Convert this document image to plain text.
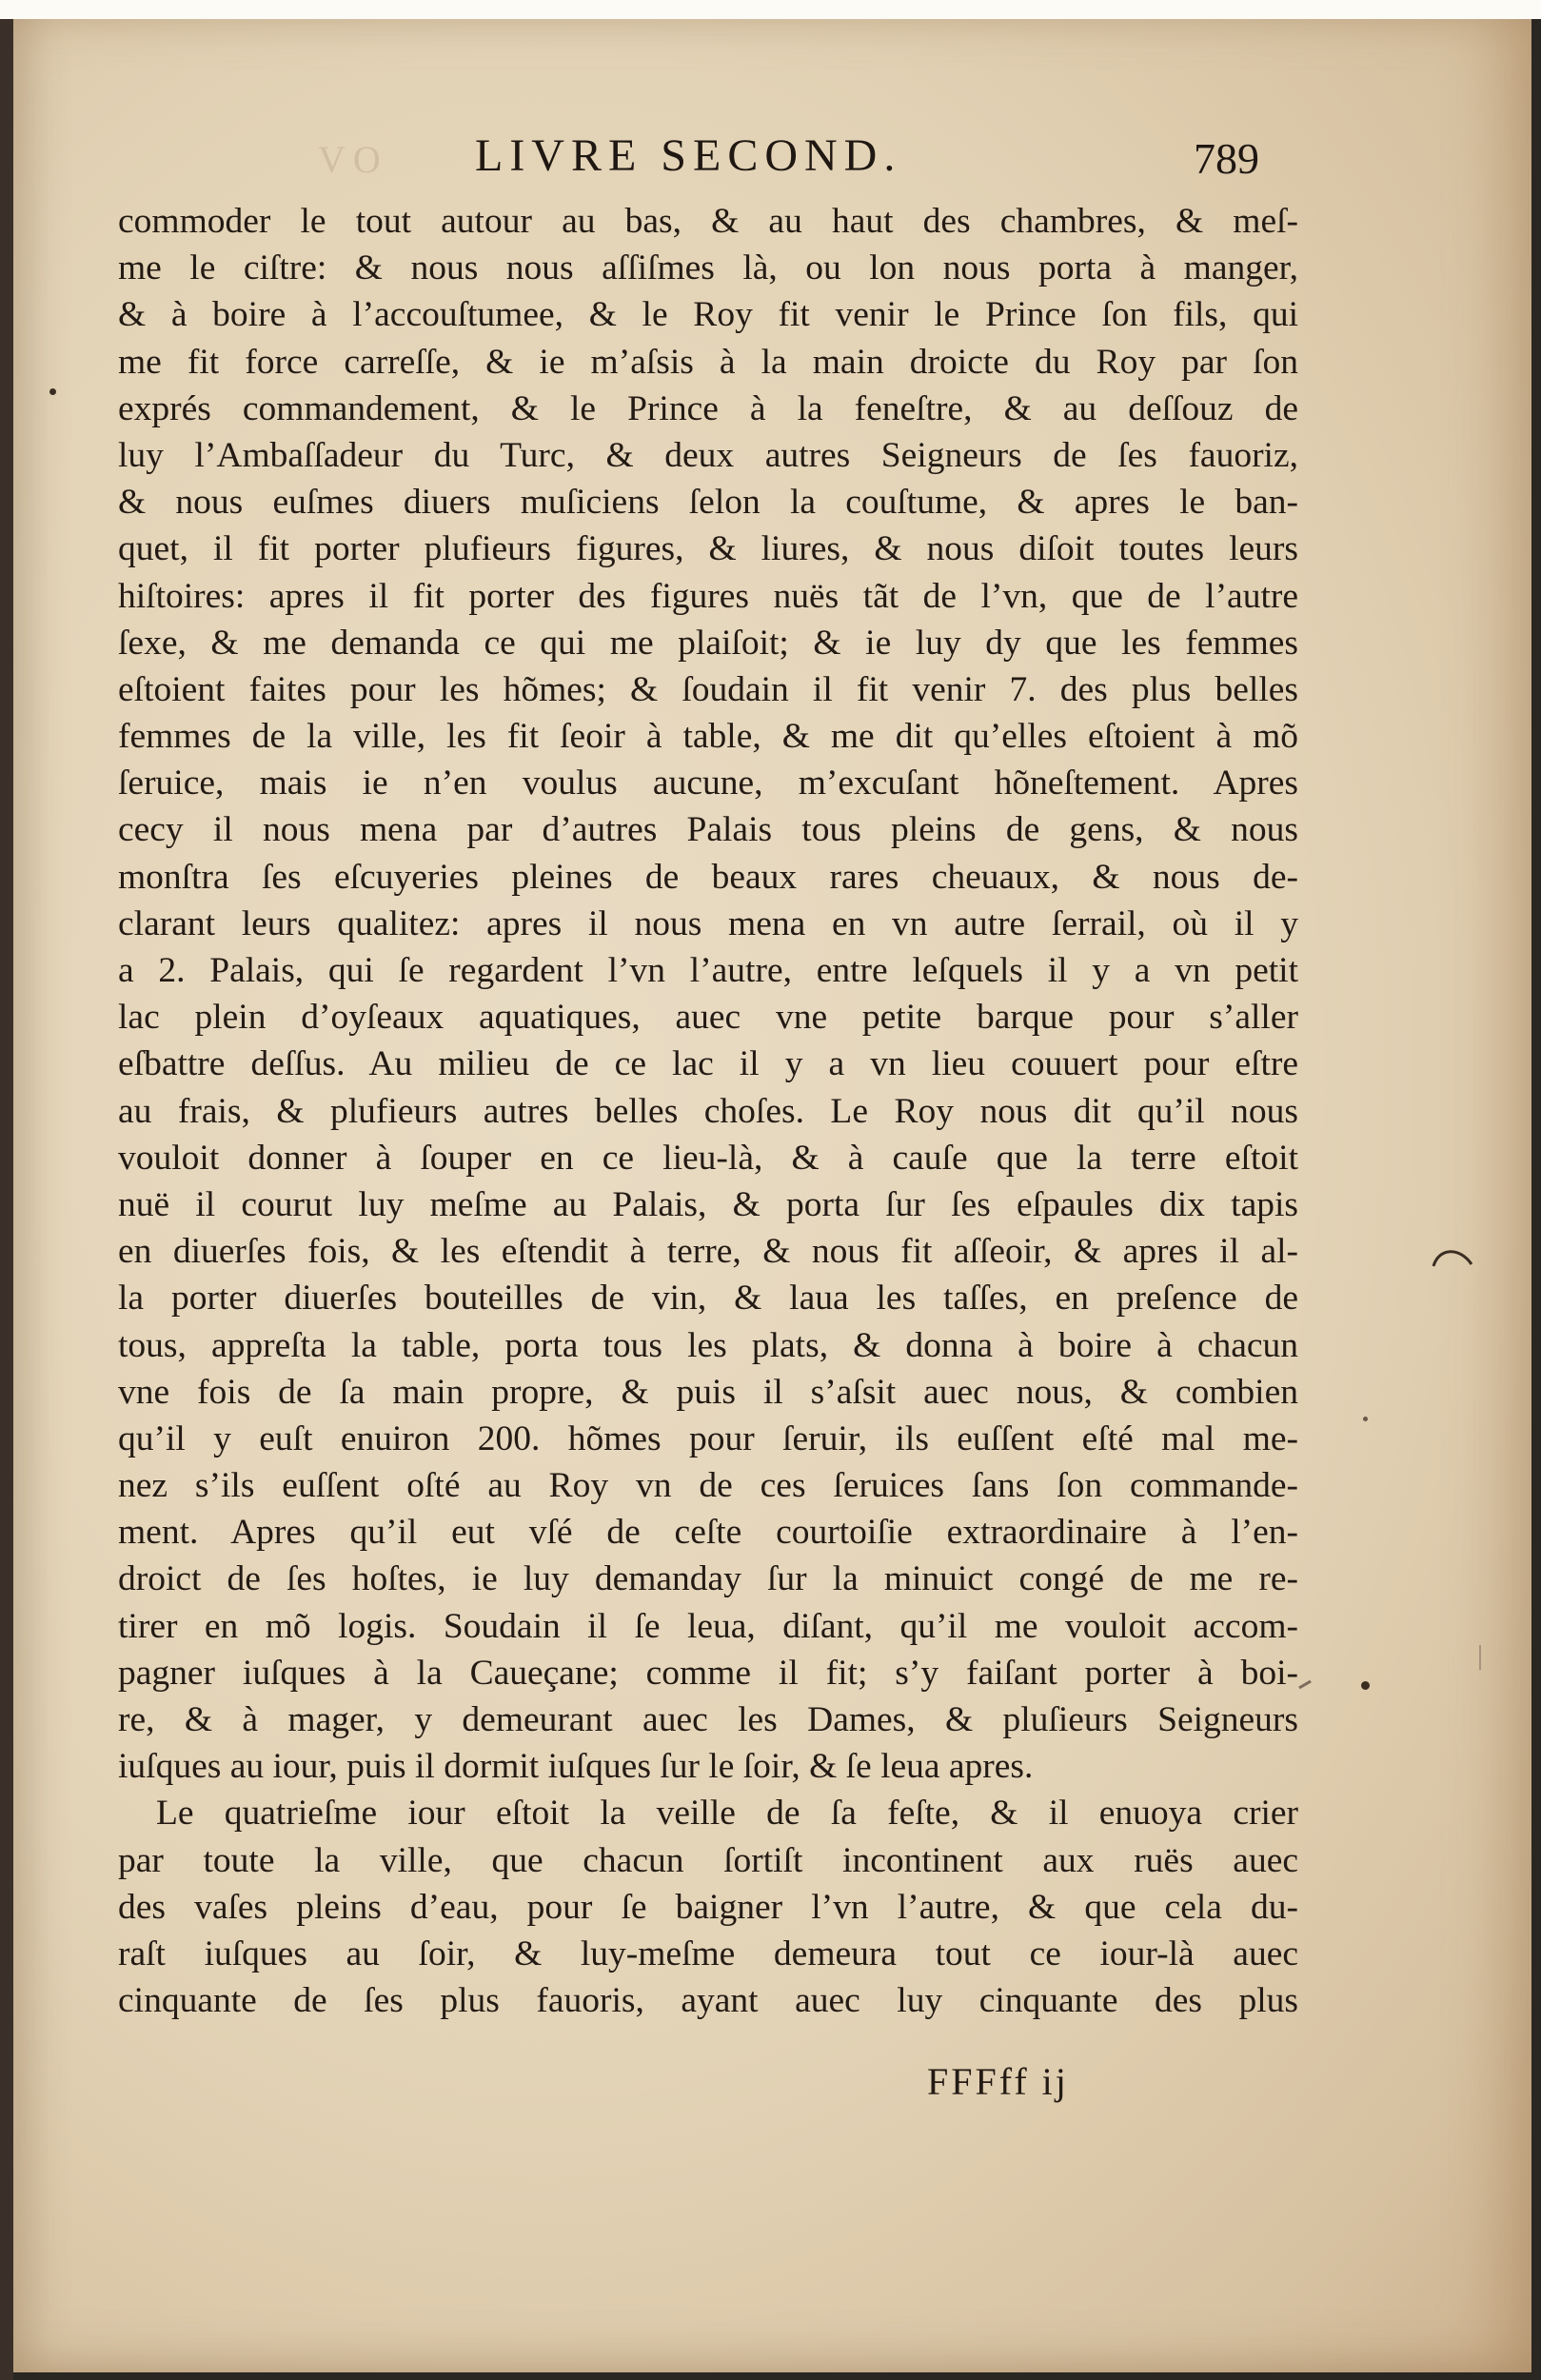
VO LIVRE SECOND.	789
commoder le tout autour au bas, & au haut des chambres, & meſ-
me le ciſtre: & nous nous aſſiſmes là, ou lon nous porta à manger,
& à boire à l’accouſtumee, & le Roy fit venir le Prince ſon fils, qui
me fit force carreſſe, & ie m’aſsis à la main droicte du Roy par ſon
exprés commandement, & le Prince à la feneſtre, & au deſſouz de
luy l’Ambaſſadeur du Turc, & deux autres Seigneurs de ſes fauoriz,
& nous euſmes diuers muſiciens ſelon la couſtume, & apres le ban-
quet, il fit porter plufieurs figures, & liures, & nous diſoit toutes leurs
hiſtoires: apres il fit porter des figures nuës tãt de l’vn, que de l’autre
ſexe, & me demanda ce qui me plaiſoit; & ie luy dy que les femmes
eſtoient faites pour les hõmes; & ſoudain il fit venir 7. des plus belles
femmes de la ville, les fit ſeoir à table, & me dit qu’elles eſtoient à mõ
ſeruice, mais ie n’en voulus aucune, m’excuſant hõneſtement. Apres
cecy il nous mena par d’autres Palais tous pleins de gens, & nous
monſtra ſes eſcuyeries pleines de beaux rares cheuaux, & nous de-
clarant leurs qualitez: apres il nous mena en vn autre ſerrail, où il y
a 2. Palais, qui ſe regardent l’vn l’autre, entre leſquels il y a vn petit
lac plein d’oyſeaux aquatiques, auec vne petite barque pour s’aller
eſbattre deſſus. Au milieu de ce lac il y a vn lieu couuert pour eſtre
au frais, & plufieurs autres belles choſes. Le Roy nous dit qu’il nous
vouloit donner à ſouper en ce lieu-là, & à cauſe que la terre eſtoit
nuë il courut luy meſme au Palais, & porta ſur ſes eſpaules dix tapis
en diuerſes fois, & les eſtendit à terre, & nous fit aſſeoir, & apres il al-
la porter diuerſes bouteilles de vin, & laua les taſſes, en preſence de
tous, appreſta la table, porta tous les plats, & donna à boire à chacun
vne fois de ſa main propre, & puis il s’aſsit auec nous, & combien
qu’il y euſt enuiron 200. hõmes pour ſeruir, ils euſſent eſté mal me-
nez s’ils euſſent oſté au Roy vn de ces ſeruices ſans ſon commande-
ment. Apres qu’il eut vſé de ceſte courtoiſie extraordinaire à l’en-
droict de ſes hoſtes, ie luy demanday ſur la minuict congé de me re-
tirer en mõ logis. Soudain il ſe leua, diſant, qu’il me vouloit accom-
pagner iuſques à la Caueçane; comme il fit; s’y faiſant porter à boi-
re, & à mager, y demeurant auec les Dames, & pluſieurs Seigneurs
iuſques au iour, puis il dormit iuſques ſur le ſoir, & ſe leua apres.
Le quatrieſme iour eſtoit la veille de ſa feſte, & il enuoya crier
par toute la ville, que chacun ſortiſt incontinent aux ruës auec
des vaſes pleins d’eau, pour ſe baigner l’vn l’autre, & que cela du-
raſt iuſques au ſoir, & luy-meſme demeura tout ce iour-là auec
cinquante de ſes plus fauoris, ayant auec luy cinquante des plus
FFFff ij
